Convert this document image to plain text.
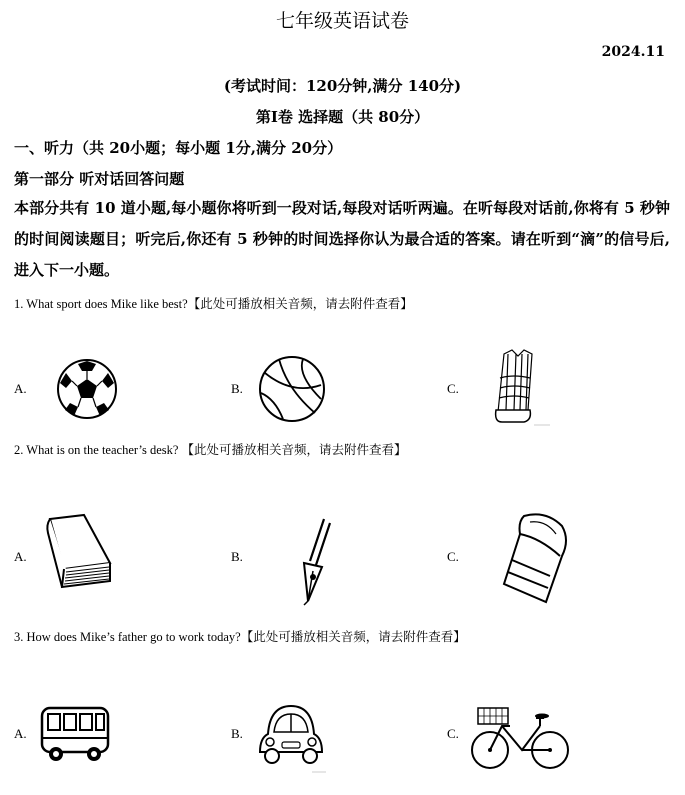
七年级英语试卷
2024.11
(考试时间：120分钟,满分 140分)
第Ⅰ卷 选择题（共 80分）
一、听力（共 20小题；每小题 1分,满分 20分）
第一部分 听对话回答问题
本部分共有 10 道小题,每小题你将听到一段对话,每段对话听两遍。在听每段对话前,你将有 5 秒钟的时间阅读题目；听完后,你还有 5 秒钟的时间选择你认为最合适的答案。请在听到“滴”的信号后,进入下一小题。
1. What sport does Mike like best?【此处可播放相关音频，请去附件查看】
A.	B.	C.
2. What is on the teacher’s desk? 【此处可播放相关音频，请去附件查看】
A.	B.	C.
3. How does Mike’s father go to work today?【此处可播放相关音频，请去附件查看】
A.	B.	C.
